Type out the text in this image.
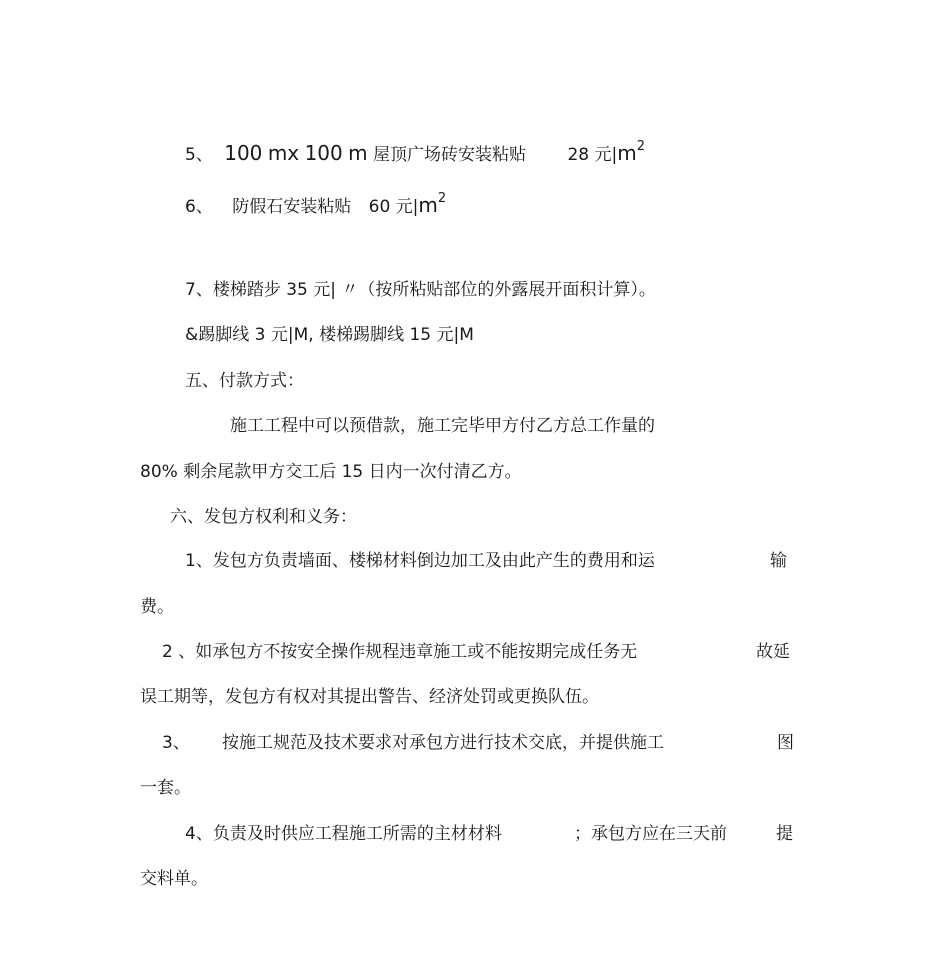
5、 100 mx 100 m 屋顶广场砖安装粘贴 28 元$|m^2$
6、 防假石安装粘贴 60 元$|m^2$
7、楼梯踏步 35 元| 〃（按所粘贴部位的外露展开面积计算）。
&踢脚线 3 元|M, 楼梯踢脚线 15 元|M
五、付款方式：
施工工程中可以预借款，施工完毕甲方付乙方总工作量的
80% 剩余尾款甲方交工后 15 日内一次付清乙方。
六、发包方权利和义务：
1、发包方负责墙面、楼梯材料倒边加工及由此产生的费用和运	输
费。
2 、如承包方不按安全操作规程违章施工或不能按期完成任务无	故延
误工期等，发包方有权对其提出警告、经济处罚或更换队伍。
3、 按施工规范及技术要求对承包方进行技术交底，并提供施工	图
一套。
4、负责及时供应工程施工所需的主材材料	；承包方应在三天前	提
交料单。
